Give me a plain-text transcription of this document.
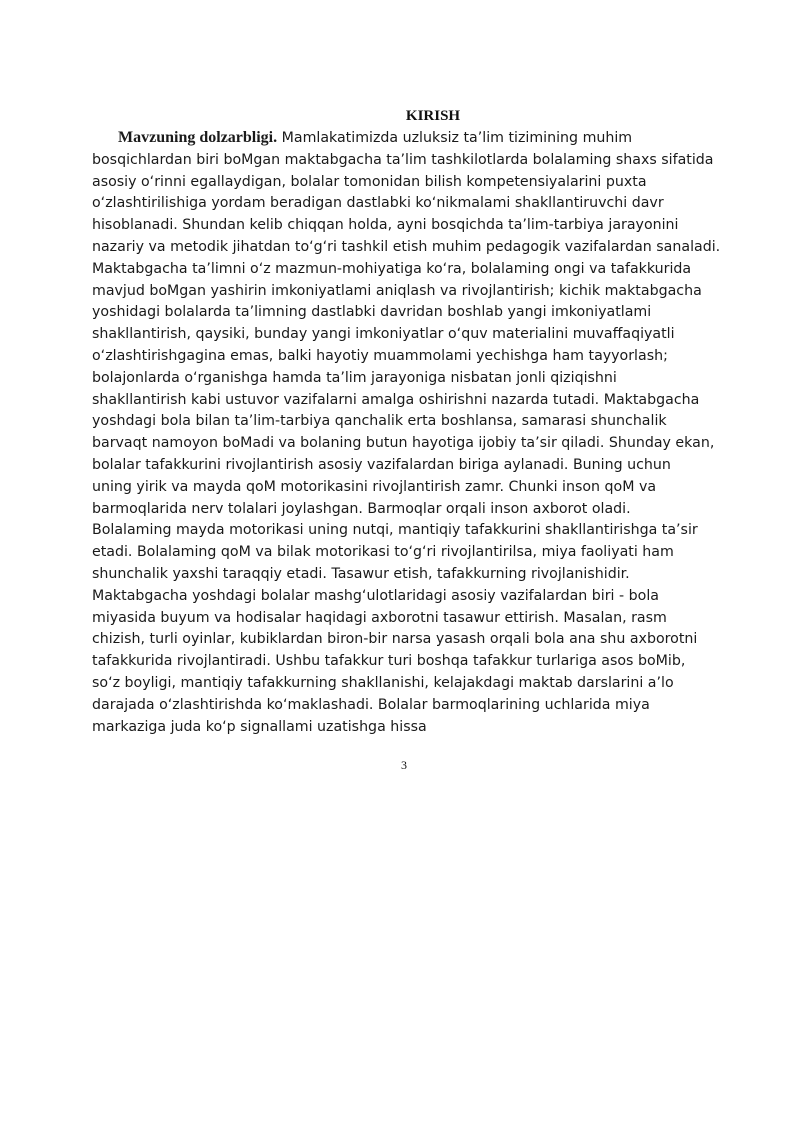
KIRISH
Mavzuning dolzarbligi. Mamlakatimizda uzluksiz ta’lim tizimining muhim
bosqichlardan biri boMgan maktabgacha ta’lim tashkilotlarda bolalaming shaxs sifatida
asosiy o‘rinni egallaydigan, bolalar tomonidan bilish kompetensiyalarini puxta
o‘zlashtirilishiga yordam beradigan dastlabki ko‘nikmalami shakllantiruvchi davr
hisoblanadi. Shundan kelib chiqqan holda, ayni bosqichda ta’lim-tarbiya jarayonini
nazariy va metodik jihatdan to‘g‘ri tashkil etish muhim pedagogik vazifalardan sanaladi.
Maktabgacha ta’limni o‘z mazmun-mohiyatiga ko‘ra, bolalaming ongi va tafakkurida
mavjud boMgan yashirin imkoniyatlami aniqlash va rivojlantirish; kichik maktabgacha
yoshidagi bolalarda ta’limning dastlabki davridan boshlab yangi imkoniyatlami
shakllantirish, qaysiki, bunday yangi imkoniyatlar o‘quv materialini muvaffaqiyatli
o‘zlashtirishgagina emas, balki hayotiy muammolami yechishga ham tayyorlash;
bolajonlarda o‘rganishga hamda ta’lim jarayoniga nisbatan jonli qiziqishni
shakllantirish kabi ustuvor vazifalarni amalga oshirishni nazarda tutadi. Maktabgacha
yoshdagi bola bilan ta’lim-tarbiya qanchalik erta boshlansa, samarasi shunchalik
barvaqt namoyon boMadi va bolaning butun hayotiga ijobiy ta’sir qiladi. Shunday ekan,
bolalar tafakkurini rivojlantirish asosiy vazifalardan biriga aylanadi. Buning uchun
uning yirik va mayda qoM motorikasini rivojlantirish zamr. Chunki inson qoM va
barmoqlarida nerv tolalari joylashgan. Barmoqlar orqali inson axborot oladi.
Bolalaming mayda motorikasi uning nutqi, mantiqiy tafakkurini shakllantirishga ta’sir
etadi. Bolalaming qoM va bilak motorikasi to‘g‘ri rivojlantirilsa, miya faoliyati ham
shunchalik yaxshi taraqqiy etadi. Tasawur etish, tafakkurning rivojlanishidir.
Maktabgacha yoshdagi bolalar mashg‘ulotlaridagi asosiy vazifalardan biri - bola
miyasida buyum va hodisalar haqidagi axborotni tasawur ettirish. Masalan, rasm
chizish, turli oyinlar, kubiklardan biron-bir narsa yasash orqali bola ana shu axborotni
tafakkurida rivojlantiradi. Ushbu tafakkur turi boshqa tafakkur turlariga asos boMib,
so‘z boyligi, mantiqiy tafakkurning shakllanishi, kelajakdagi maktab darslarini a’lo
darajada o‘zlashtirishda ko‘maklashadi. Bolalar barmoqlarining uchlarida miya
markaziga juda ko‘p signallami uzatishga hissa
3
